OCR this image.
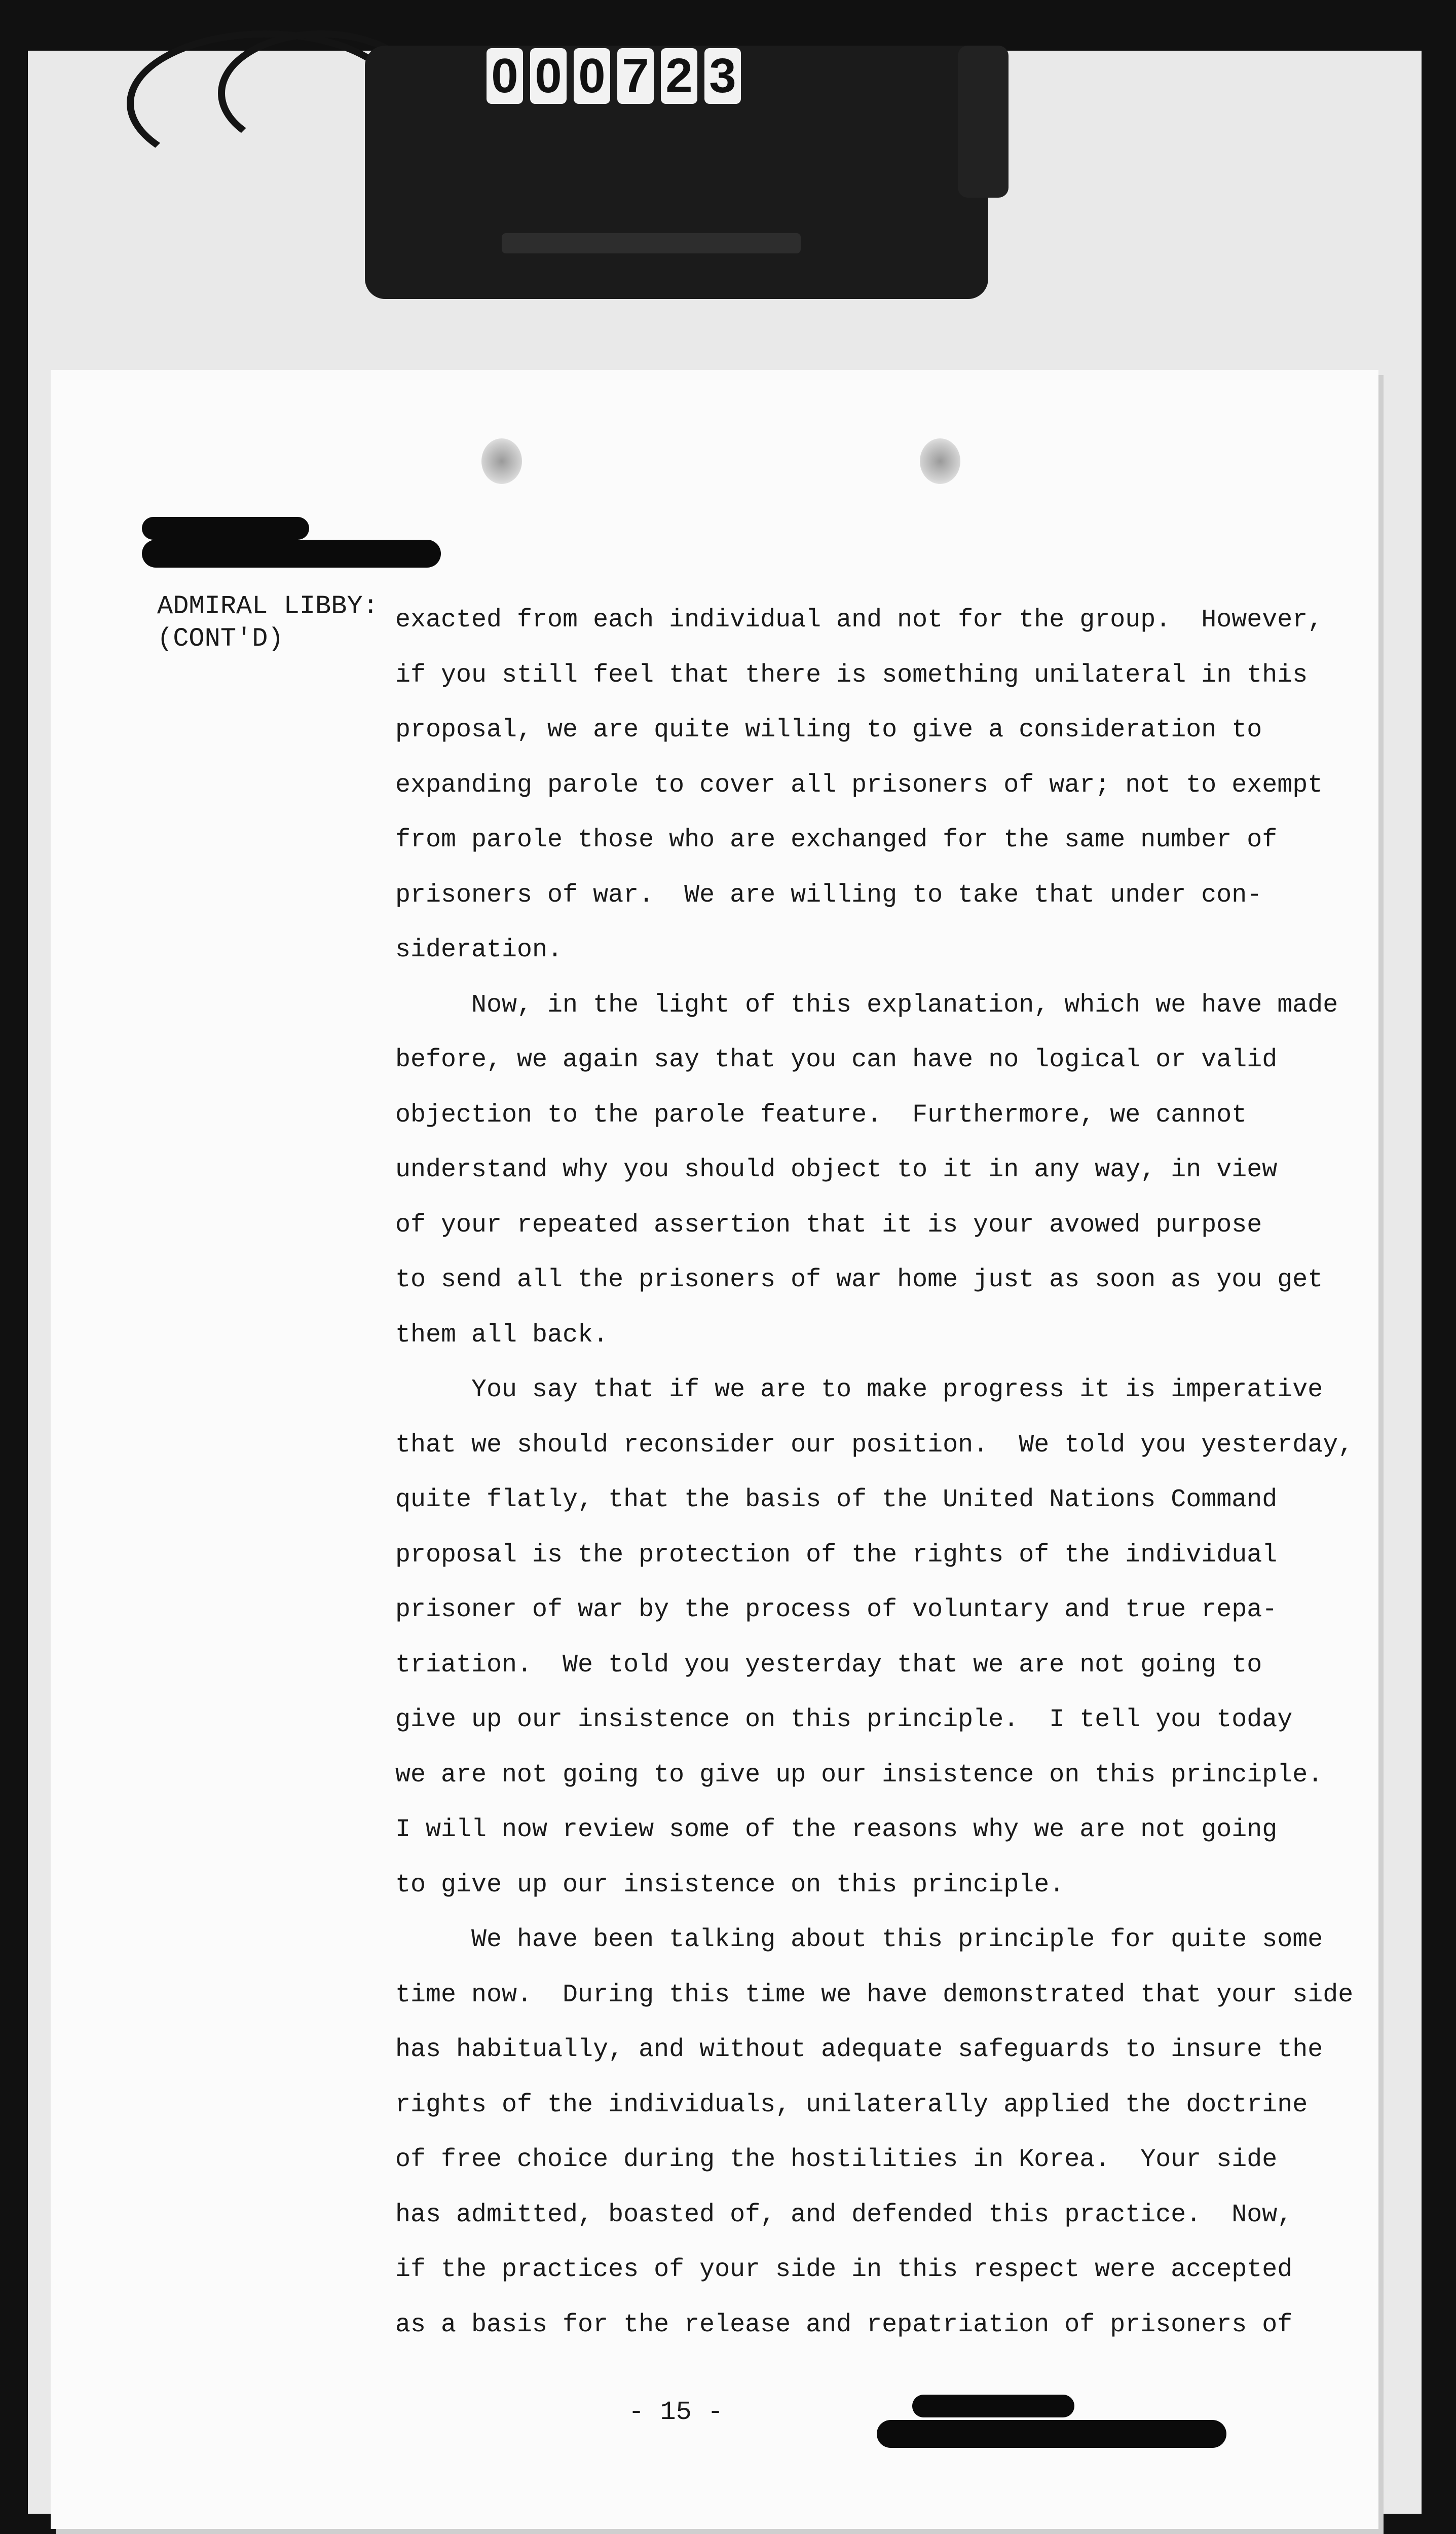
0 0 0 7 2 3
ADMIRAL LIBBY:
(CONT'D)
exacted from each individual and not for the group.  However,
if you still feel that there is something unilateral in this
proposal, we are quite willing to give a consideration to
expanding parole to cover all prisoners of war; not to exempt
from parole those who are exchanged for the same number of
prisoners of war.  We are willing to take that under con-
sideration.
Now, in the light of this explanation, which we have made
before, we again say that you can have no logical or valid
objection to the parole feature.  Furthermore, we cannot
understand why you should object to it in any way, in view
of your repeated assertion that it is your avowed purpose
to send all the prisoners of war home just as soon as you get
them all back.
You say that if we are to make progress it is imperative
that we should reconsider our position.  We told you yesterday,
quite flatly, that the basis of the United Nations Command
proposal is the protection of the rights of the individual
prisoner of war by the process of voluntary and true repa-
triation.  We told you yesterday that we are not going to
give up our insistence on this principle.  I tell you today
we are not going to give up our insistence on this principle.
I will now review some of the reasons why we are not going
to give up our insistence on this principle.
We have been talking about this principle for quite some
time now.  During this time we have demonstrated that your side
has habitually, and without adequate safeguards to insure the
rights of the individuals, unilaterally applied the doctrine
of free choice during the hostilities in Korea.  Your side
has admitted, boasted of, and defended this practice.  Now,
if the practices of your side in this respect were accepted
as a basis for the release and repatriation of prisoners of
- 15 -
